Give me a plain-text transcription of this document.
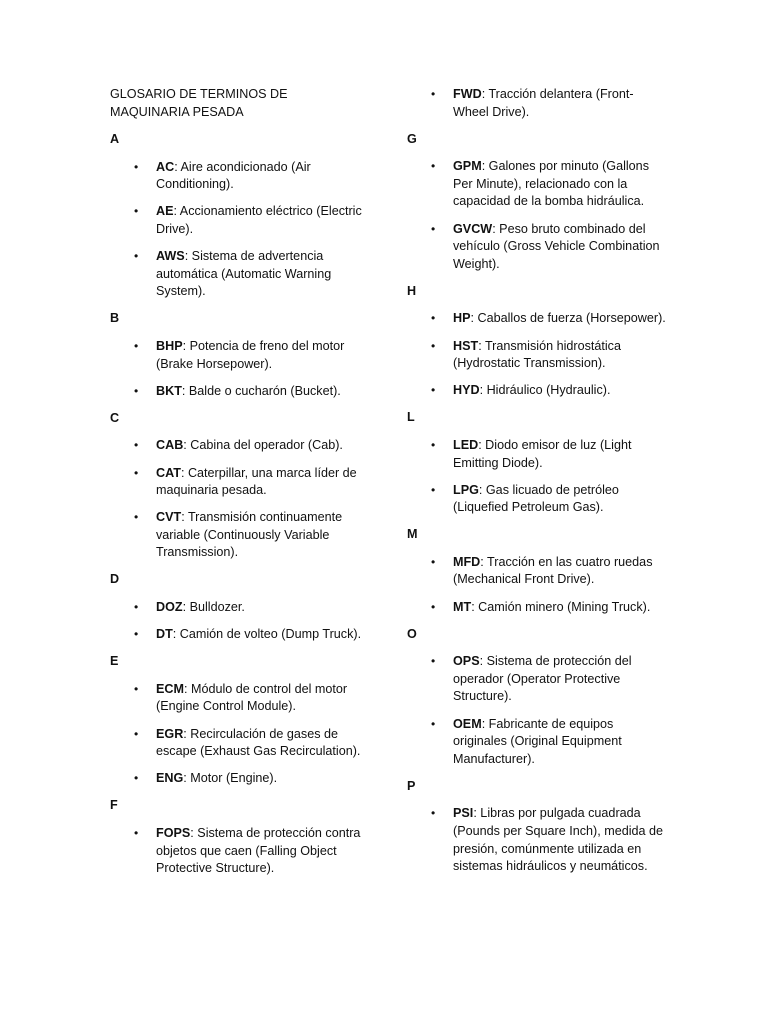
GLOSARIO DE TERMINOS DE MAQUINARIA PESADA
A
• AC: Aire acondicionado (Air Conditioning).
• AE: Accionamiento eléctrico (Electric Drive).
• AWS: Sistema de advertencia automática (Automatic Warning System).
B
• BHP: Potencia de freno del motor (Brake Horsepower).
• BKT: Balde o cucharón (Bucket).
C
• CAB: Cabina del operador (Cab).
• CAT: Caterpillar, una marca líder de maquinaria pesada.
• CVT: Transmisión continuamente variable (Continuously Variable Transmission).
D
• DOZ: Bulldozer.
• DT: Camión de volteo (Dump Truck).
E
• ECM: Módulo de control del motor (Engine Control Module).
• EGR: Recirculación de gases de escape (Exhaust Gas Recirculation).
• ENG: Motor (Engine).
F
• FOPS: Sistema de protección contra objetos que caen (Falling Object Protective Structure).
• FWD: Tracción delantera (Front-Wheel Drive).
G
• GPM: Galones por minuto (Gallons Per Minute), relacionado con la capacidad de la bomba hidráulica.
• GVCW: Peso bruto combinado del vehículo (Gross Vehicle Combination Weight).
H
• HP: Caballos de fuerza (Horsepower).
• HST: Transmisión hidrostática (Hydrostatic Transmission).
• HYD: Hidráulico (Hydraulic).
L
• LED: Diodo emisor de luz (Light Emitting Diode).
• LPG: Gas licuado de petróleo (Liquefied Petroleum Gas).
M
• MFD: Tracción en las cuatro ruedas (Mechanical Front Drive).
• MT: Camión minero (Mining Truck).
O
• OPS: Sistema de protección del operador (Operator Protective Structure).
• OEM: Fabricante de equipos originales (Original Equipment Manufacturer).
P
• PSI: Libras por pulgada cuadrada (Pounds per Square Inch), medida de presión, comúnmente utilizada en sistemas hidráulicos y neumáticos.
